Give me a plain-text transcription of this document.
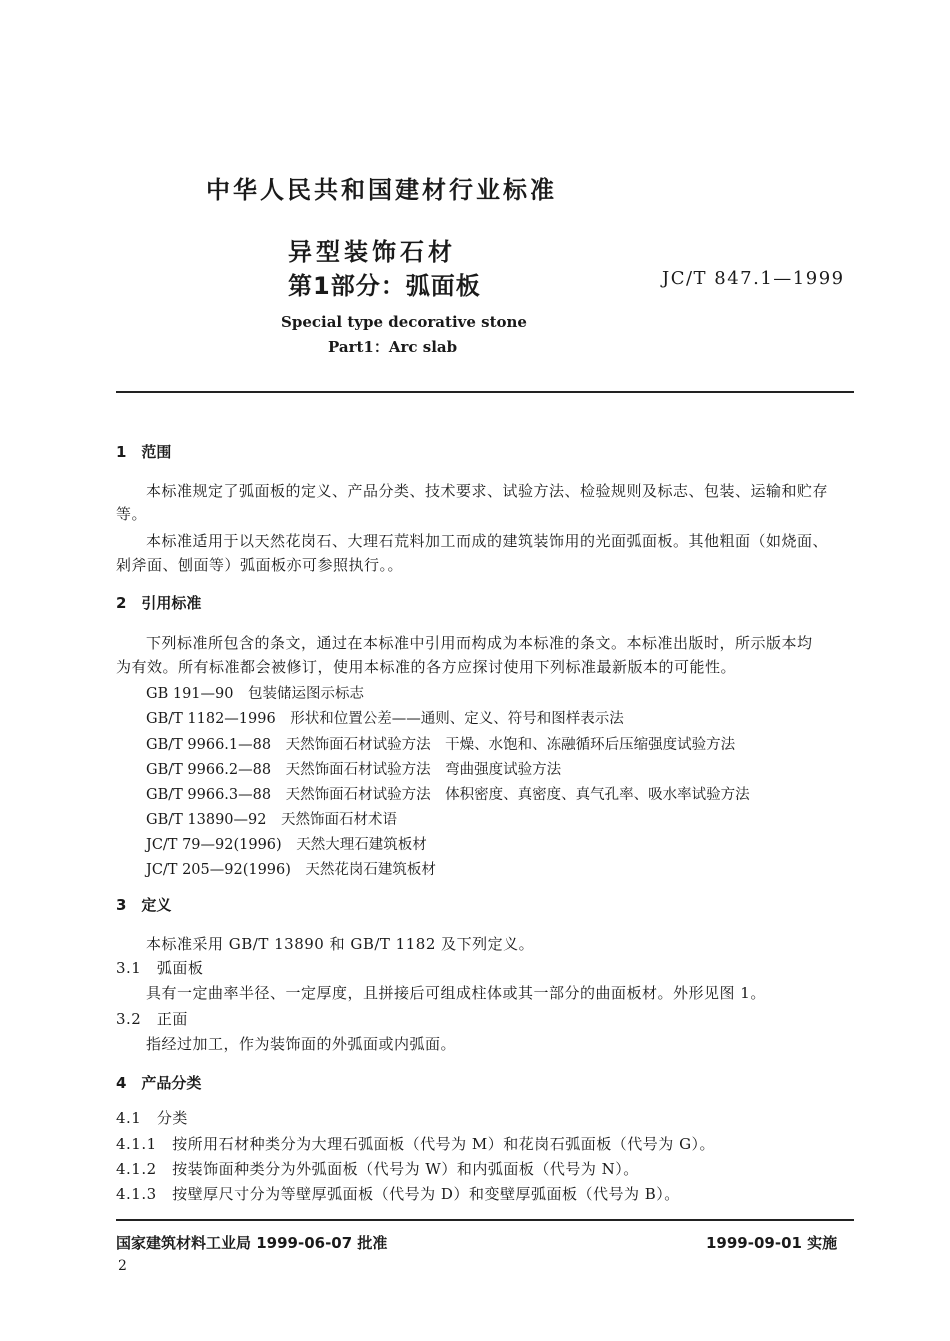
中华人民共和国建材行业标准
异型装饰石材
第1部分：弧面板	JC/T 847.1—1999
Special type decorative stone
Part1：Arc slab
1　范围
本标准规定了弧面板的定义、产品分类、技术要求、试验方法、检验规则及标志、包装、运输和贮存
等。
本标准适用于以天然花岗石、大理石荒料加工而成的建筑装饰用的光面弧面板。其他粗面（如烧面、
剁斧面、刨面等）弧面板亦可参照执行。。
2　引用标准
下列标准所包含的条文，通过在本标准中引用而构成为本标准的条文。本标准出版时，所示版本均
为有效。所有标准都会被修订，使用本标准的各方应探讨使用下列标准最新版本的可能性。
GB 191—90　包装储运图示标志
GB/T 1182—1996　形状和位置公差——通则、定义、符号和图样表示法
GB/T 9966.1—88　天然饰面石材试验方法　干燥、水饱和、冻融循环后压缩强度试验方法
GB/T 9966.2—88　天然饰面石材试验方法　弯曲强度试验方法
GB/T 9966.3—88　天然饰面石材试验方法　体积密度、真密度、真气孔率、吸水率试验方法
GB/T 13890—92　天然饰面石材术语
JC/T 79—92(1996)　天然大理石建筑板材
JC/T 205—92(1996)　天然花岗石建筑板材
3　定义
本标准采用 GB/T 13890 和 GB/T 1182 及下列定义。
3.1　弧面板
具有一定曲率半径、一定厚度，且拼接后可组成柱体或其一部分的曲面板材。外形见图 1。
3.2　正面
指经过加工，作为装饰面的外弧面或内弧面。
4　产品分类
4.1　分类
4.1.1　按所用石材种类分为大理石弧面板（代号为 M）和花岗石弧面板（代号为 G）。
4.1.2　按装饰面种类分为外弧面板（代号为 W）和内弧面板（代号为 N）。
4.1.3　按壁厚尺寸分为等壁厚弧面板（代号为 D）和变壁厚弧面板（代号为 B）。
国家建筑材料工业局 1999-06-07 批准	1999-09-01 实施
2
